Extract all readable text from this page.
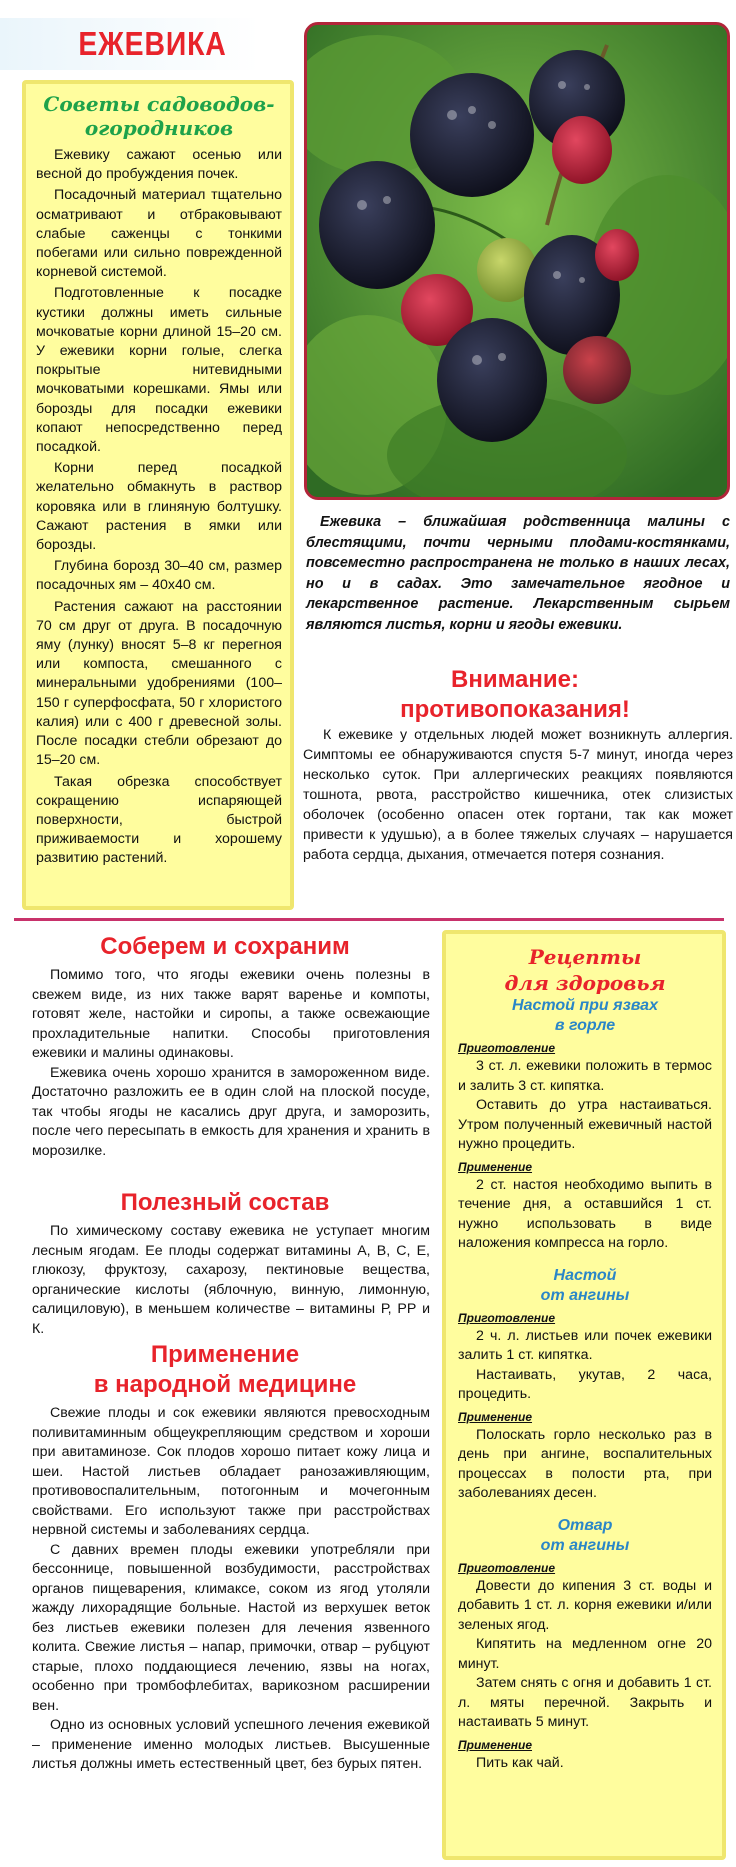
ЕЖЕВИКА
Советы садоводов-огородников

Ежевику сажают осенью или весной до пробуждения почек.

Посадочный материал тщательно осматривают и отбраковывают слабые саженцы с тонкими побегами или сильно поврежденной корневой системой.

Подготовленные к посадке кустики должны иметь сильные мочковатые корни длиной 15–20 см. У ежевики корни голые, слегка покрытые нитевидными мочковатыми корешками. Ямы или борозды для посадки ежевики копают непосредственно перед посадкой.

Корни перед посадкой желательно обмакнуть в раствор коровяка или в глиняную болтушку. Сажают растения в ямки или борозды.

Глубина борозд 30–40 см, размер посадочных ям – 40х40 см.

Растения сажают на расстоянии 70 см друг от друга. В посадочную яму (лунку) вносят 5–8 кг перегноя или компоста, смешанного с минеральными удобрениями (100–150 г суперфосфата, 50 г хлористого калия) или с 400 г древесной золы. После посадки стебли обрезают до 15–20 см.

Такая обрезка способствует сокращению испаряющей поверхности, быстрой приживаемости и хорошему развитию растений.

Ежевика – ближайшая родственница малины с блестящими, почти черными плодами-костянками, повсеместно распространена не только в наших лесах, но и в садах. Это замечательное ягодное и лекарственное растение. Лекарственным сырьем являются листья, корни и ягоды ежевики.
Внимание:
противопоказания!
К ежевике у отдельных людей может возникнуть аллергия. Симптомы ее обнаруживаются спустя 5-7 минут, иногда через несколько суток. При аллергических реакциях появляются тошнота, рвота, расстройство кишечника, отек слизистых оболочек (особенно опасен отек гортани, так как может привести к удушью), а в более тяжелых случаях – нарушается работа сердца, дыхания, отмечается потеря сознания.
Соберем и сохраним

Помимо того, что ягоды ежевики очень полезны в свежем виде, из них также варят варенье и компоты, готовят желе, настойки и сиропы, а также освежающие прохладительные напитки. Способы приготовления ежевики и малины одинаковы.

Ежевика очень хорошо хранится в замороженном виде. Достаточно разложить ее в один слой на плоской посуде, так чтобы ягоды не касались друг друга, и заморозить, после чего пересыпать в емкость для хранения и хранить в морозилке.

Полезный состав

По химическому составу ежевика не уступает многим лесным ягодам. Ее плоды содержат витамины А, В, С, Е, глюкозу, фруктозу, сахарозу, пектиновые вещества, органические кислоты (яблочную, винную, лимонную, салициловую), в меньшем количестве – витамины Р, РР и К.

Применение
в народной медицине

Свежие плоды и сок ежевики являются превосходным поливитаминным общеукрепляющим средством и хороши при авитаминозе. Сок плодов хорошо питает кожу лица и шеи. Настой листьев обладает ранозаживляющим, противовоспалительным, потогонным и мочегонным свойствами. Его используют также при расстройствах нервной системы и заболеваниях сердца.

С давних времен плоды ежевики употребляли при бессоннице, повышенной возбудимости, расстройствах органов пищеварения, климаксе, соком из ягод утоляли жажду лихорадящие больные. Настой из верхушек веток без листьев ежевики полезен для лечения язвенного колита. Свежие листья – напар, примочки, отвар – рубцуют старые, плохо поддающиеся лечению, язвы на ногах, особенно при тромбофлебитах, варикозном расширении вен.

Одно из основных условий успешного лечения ежевикой – применение именно молодых листьев. Высушенные листья должны иметь естественный цвет, без бурых пятен.

Рецепты
для здоровья
Настой при язвах
в горле
Приготовление

3 ст. л. ежевики положить в термос и залить 3 ст. кипятка.

Оставить до утра настаиваться. Утром полученный ежевичный настой нужно процедить.

Применение

2 ст. настоя необходимо выпить в течение дня, а оставшийся 1 ст. нужно использовать в виде наложения компресса на горло.

Настой
от ангины
Приготовление

2 ч. л. листьев или почек ежевики залить 1 ст. кипятка.

Настаивать, укутав, 2 часа, процедить.

Применение

Полоскать горло несколько раз в день при ангине, воспалительных процессах в полости рта, при заболеваниях десен.

Отвар
от ангины
Приготовление

Довести до кипения 3 ст. воды и добавить 1 ст. л. корня ежевики и/или зеленых ягод.

Кипятить на медленном огне 20 минут.

Затем снять с огня и добавить 1 ст. л. мяты перечной. Закрыть и настаивать 5 минут.

Применение

Пить как чай.
